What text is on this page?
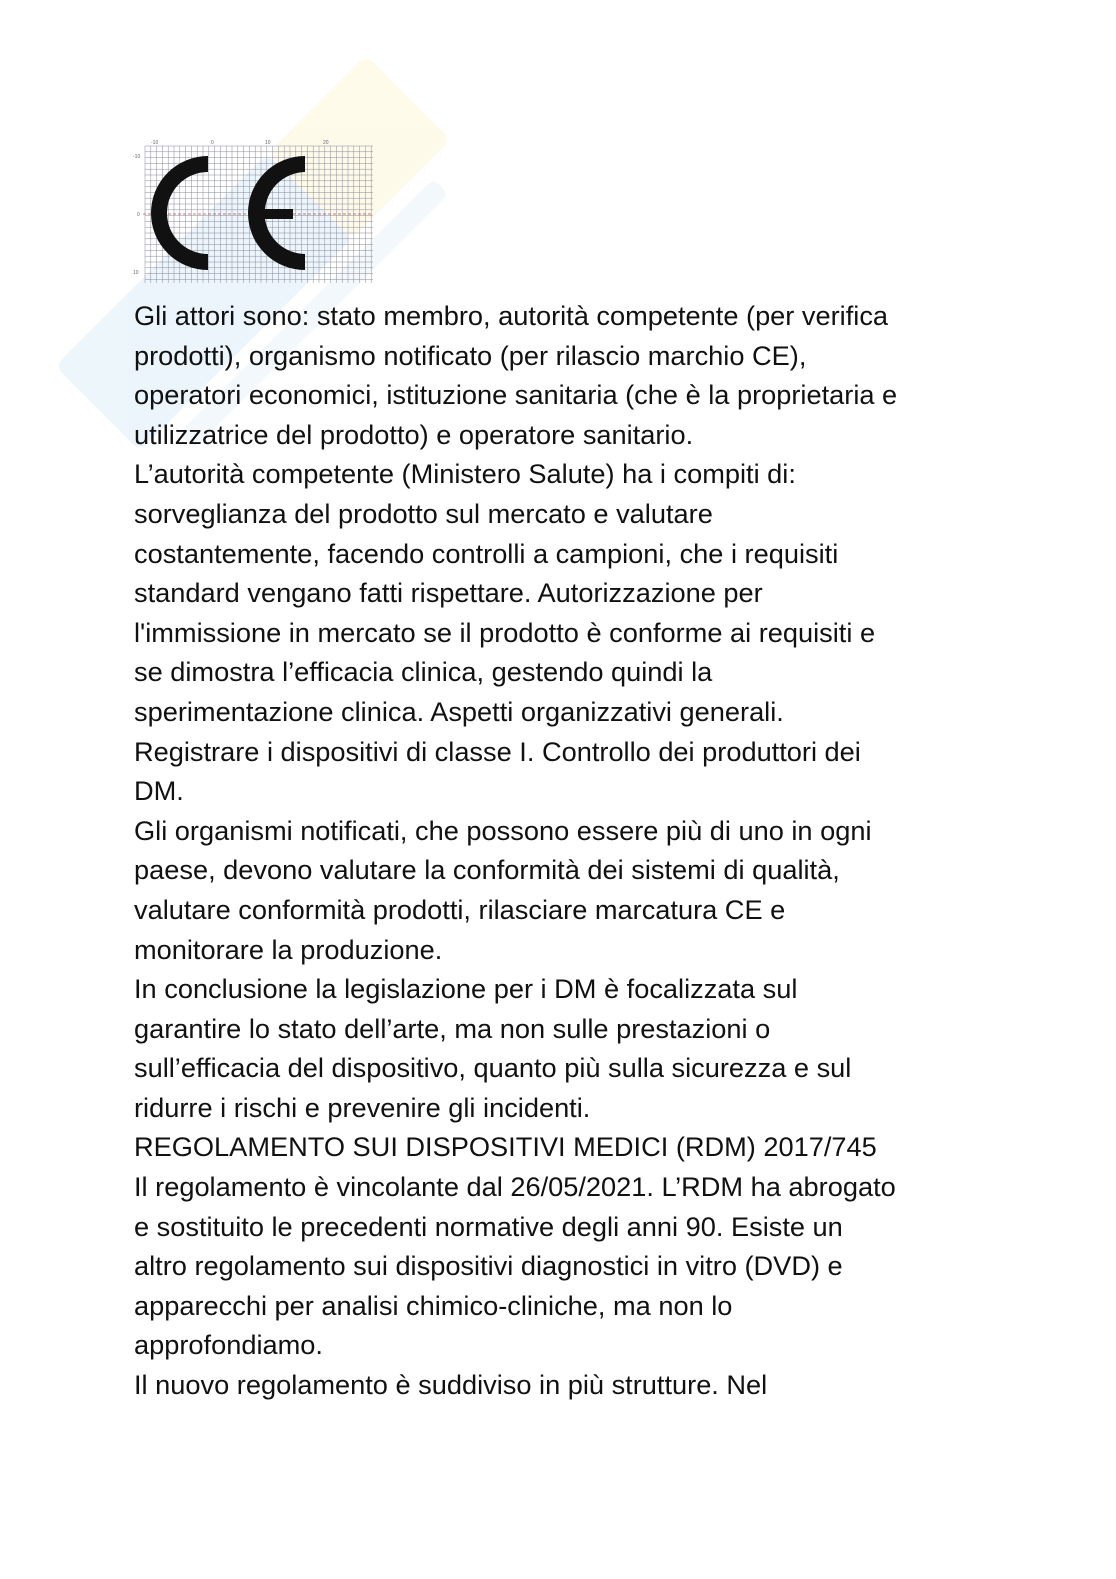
-10	0	10	20
-10
0
10
Gli attori sono: stato membro, autorità competente (per verifica
prodotti), organismo notificato (per rilascio marchio CE),
operatori economici, istituzione sanitaria (che è la proprietaria e
utilizzatrice del prodotto) e operatore sanitario.
L’autorità competente (Ministero Salute) ha i compiti di:
sorveglianza del prodotto sul mercato e valutare
costantemente, facendo controlli a campioni, che i requisiti
standard vengano fatti rispettare. Autorizzazione per
l'immissione in mercato se il prodotto è conforme ai requisiti e
se dimostra l’efficacia clinica, gestendo quindi la
sperimentazione clinica. Aspetti organizzativi generali.
Registrare i dispositivi di classe I. Controllo dei produttori dei
DM.
Gli organismi notificati, che possono essere più di uno in ogni
paese, devono valutare la conformità dei sistemi di qualità,
valutare conformità prodotti, rilasciare marcatura CE e
monitorare la produzione.
In conclusione la legislazione per i DM è focalizzata sul
garantire lo stato dell’arte, ma non sulle prestazioni o
sull’efficacia del dispositivo, quanto più sulla sicurezza e sul
ridurre i rischi e prevenire gli incidenti.
REGOLAMENTO SUI DISPOSITIVI MEDICI (RDM) 2017/745
Il regolamento è vincolante dal 26/05/2021. L’RDM ha abrogato
e sostituito le precedenti normative degli anni 90. Esiste un
altro regolamento sui dispositivi diagnostici in vitro (DVD) e
apparecchi per analisi chimico-cliniche, ma non lo
approfondiamo.
Il nuovo regolamento è suddiviso in più strutture. Nel
